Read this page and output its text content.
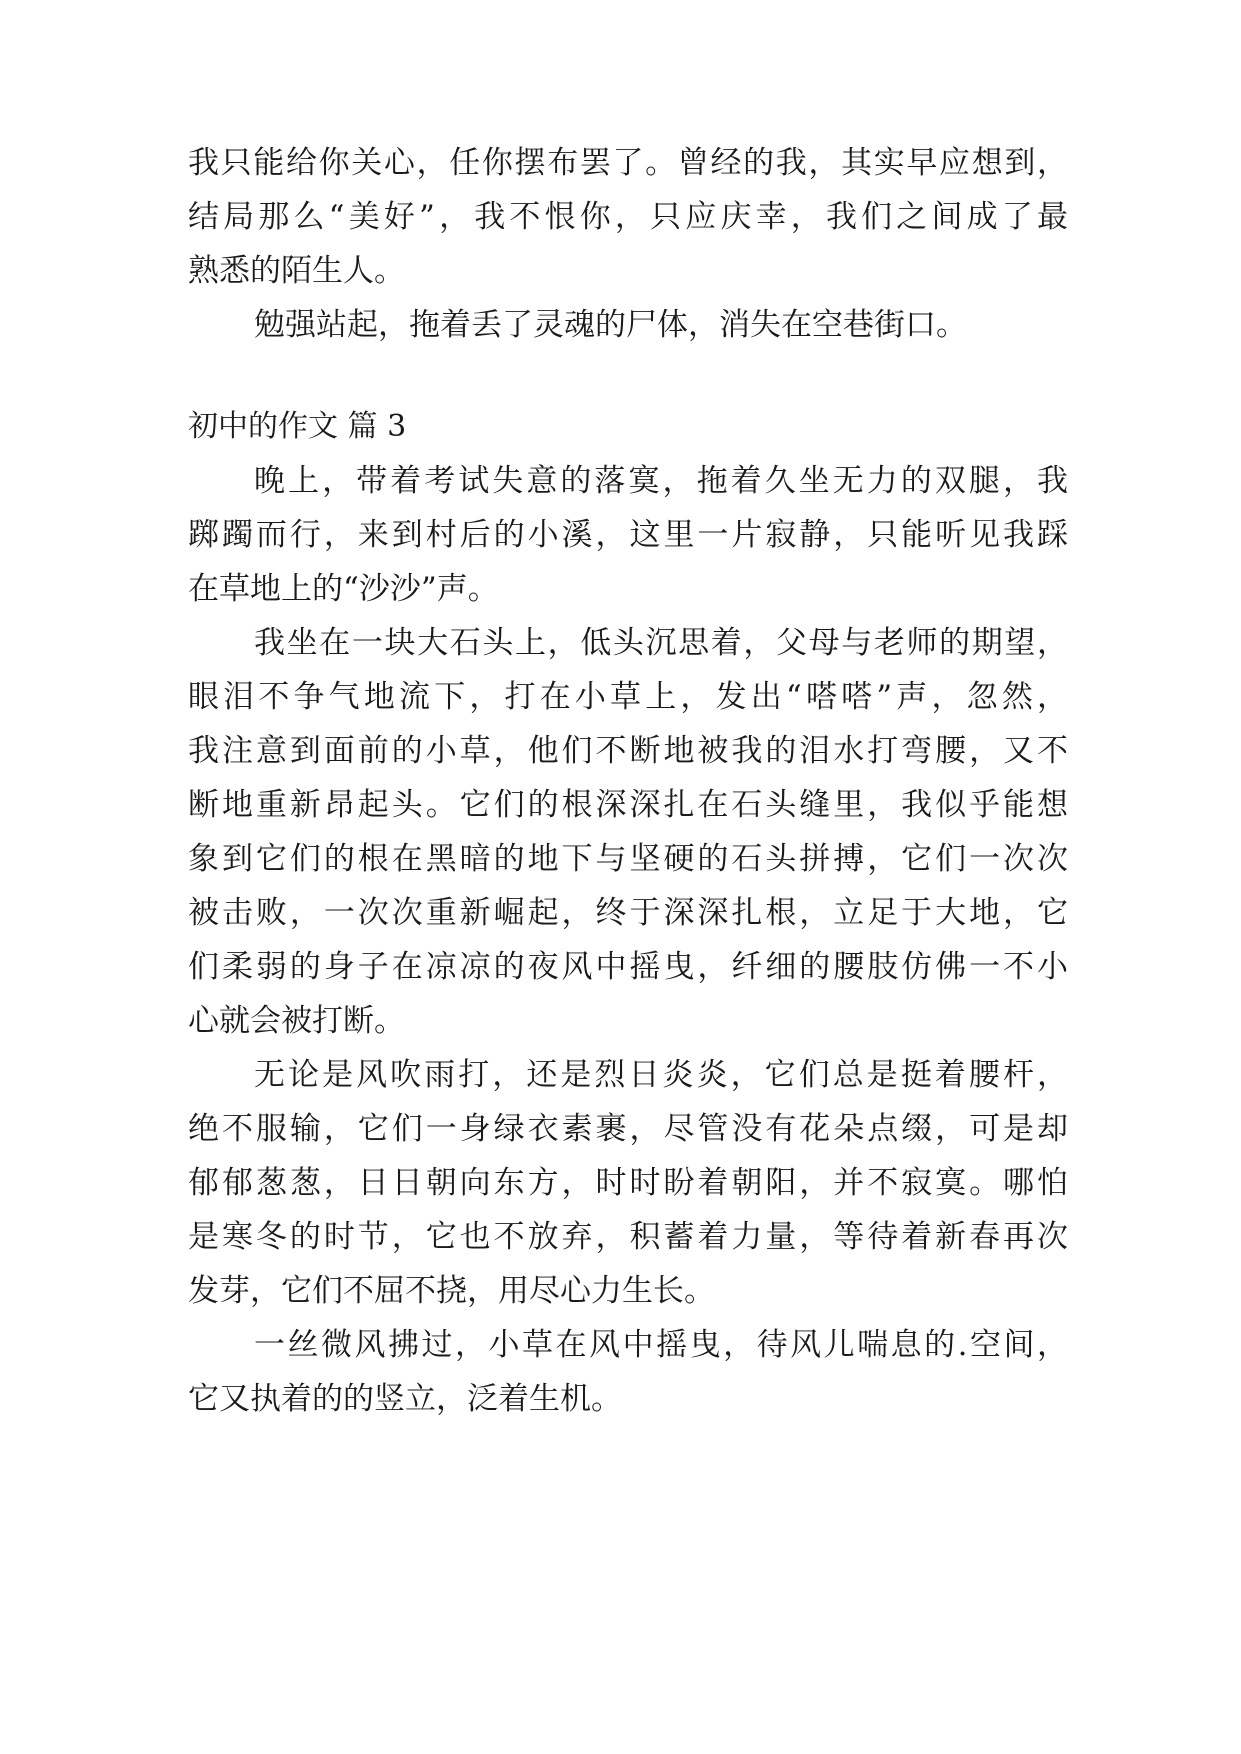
我只能给你关心，任你摆布罢了。曾经的我，其实早应想到，
结局那么“美好”，我不恨你，只应庆幸，我们之间成了最
熟悉的陌生人。
勉强站起，拖着丢了灵魂的尸体，消失在空巷街口。
初中的作文 篇 3
晚上，带着考试失意的落寞，拖着久坐无力的双腿，我
踯躅而行，来到村后的小溪，这里一片寂静，只能听见我踩
在草地上的“沙沙”声。
我坐在一块大石头上，低头沉思着，父母与老师的期望，
眼泪不争气地流下，打在小草上，发出“嗒嗒”声，忽然，
我注意到面前的小草，他们不断地被我的泪水打弯腰，又不
断地重新昂起头。它们的根深深扎在石头缝里，我似乎能想
象到它们的根在黑暗的地下与坚硬的石头拼搏，它们一次次
被击败，一次次重新崛起，终于深深扎根，立足于大地，它
们柔弱的身子在凉凉的夜风中摇曳，纤细的腰肢仿佛一不小
心就会被打断。
无论是风吹雨打，还是烈日炎炎，它们总是挺着腰杆，
绝不服输，它们一身绿衣素裹，尽管没有花朵点缀，可是却
郁郁葱葱，日日朝向东方，时时盼着朝阳，并不寂寞。哪怕
是寒冬的时节，它也不放弃，积蓄着力量，等待着新春再次
发芽，它们不屈不挠，用尽心力生长。
一丝微风拂过，小草在风中摇曳，待风儿喘息的.空间，
它又执着的的竖立，泛着生机。
